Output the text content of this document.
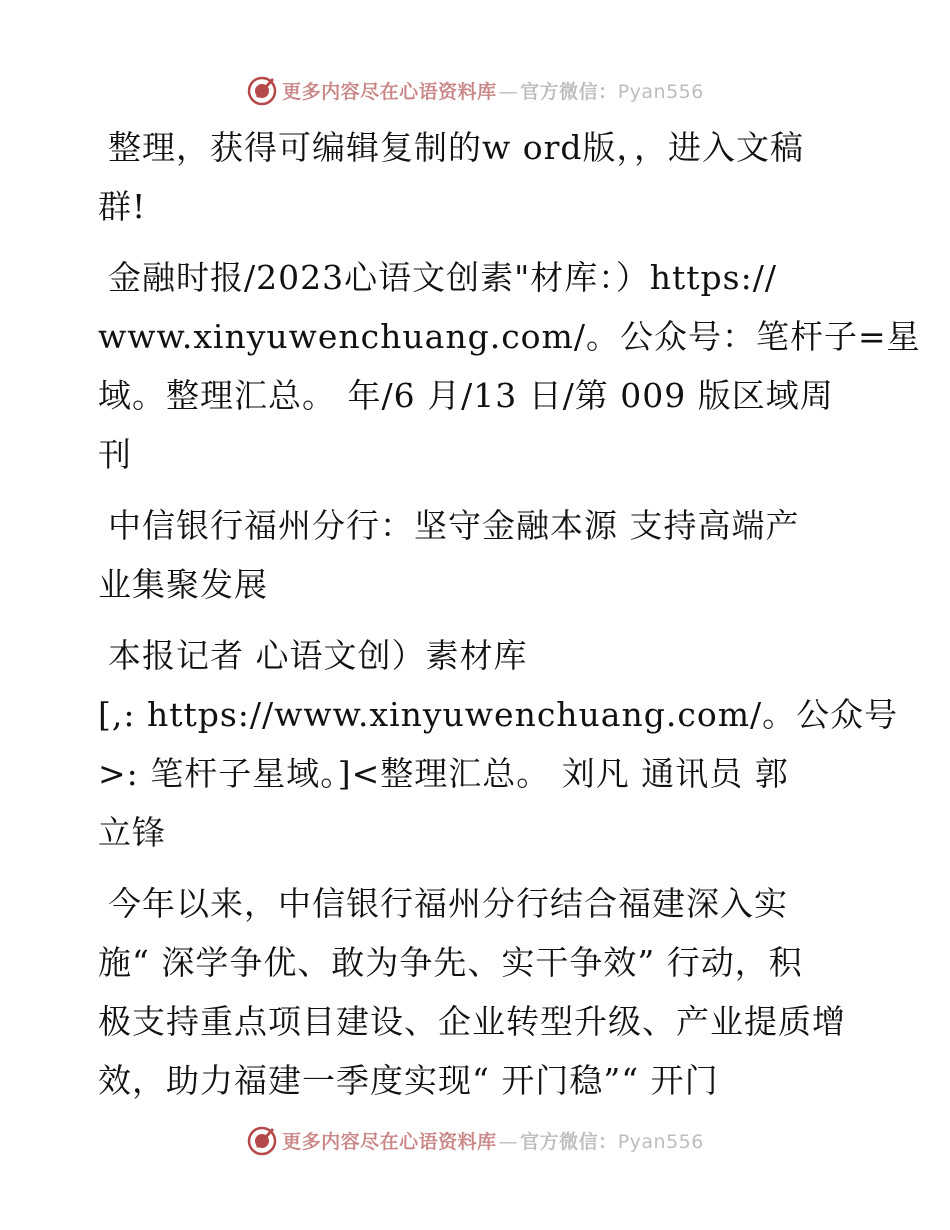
更多内容尽在心语资料库 — 官方微信：Pyan556
整理，获得可编辑复制的w ord版，，进入文稿
群!
金融时报/2023心语文创素"材库：）https://
www.xinyuwenchuang.com/。公众号：笔杆子=星
域。整理汇总。 年/6 月/13 日/第 009 版区域周
刊
中信银行福州分行：坚守金融本源 支持高端产
业集聚发展
本报记者 心语文创）素材库
[,: https://www.xinyuwenchuang.com/。公众号
>: 笔杆子星域。]<整理汇总。 刘凡 通讯员 郭
立锋
今年以来，中信银行福州分行结合福建深入实
施“ 深学争优、敢为争先、实干争效” 行动，积
极支持重点项目建设、企业转型升级、产业提质增
效，助力福建一季度实现“ 开门稳”“ 开门
更多内容尽在心语资料库 — 官方微信：Pyan556
